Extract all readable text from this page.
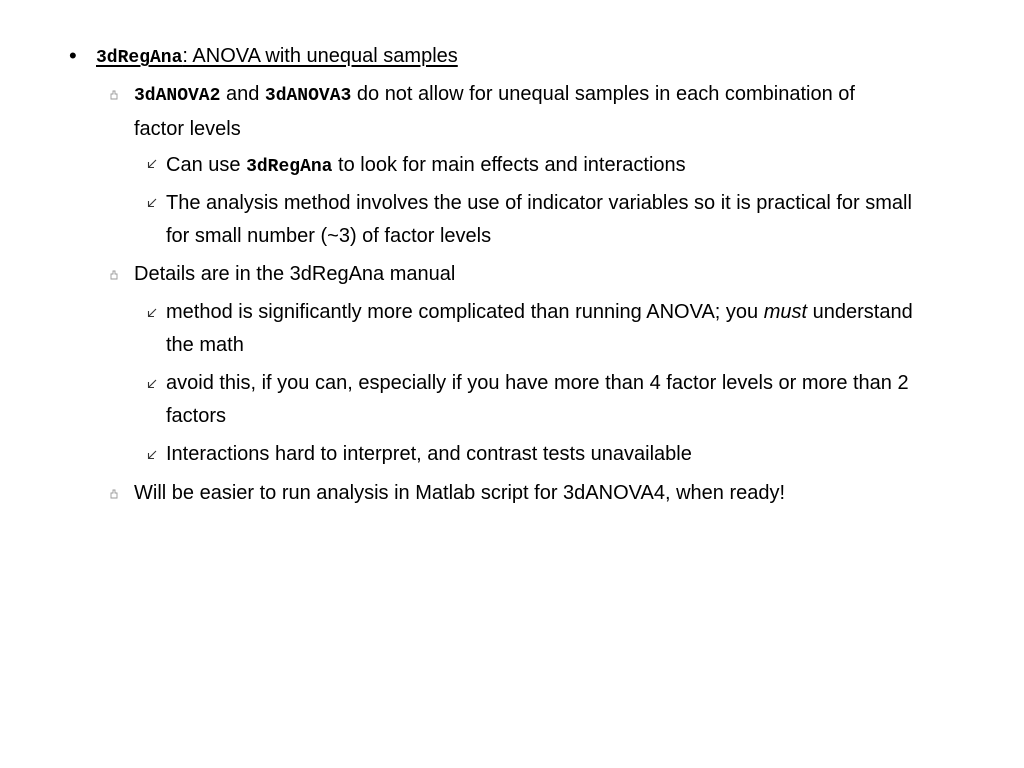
• 3dRegAna: ANOVA with unequal samples
3dANOVA2 and 3dANOVA3 do not allow for unequal samples in each combination of factor levels
Can use 3dRegAna to look for main effects and interactions
The analysis method involves the use of indicator variables so it is practical for small for small number (~3) of factor levels
Details are in the 3dRegAna manual
method is significantly more complicated than running ANOVA; you must understand the math
avoid this, if you can, especially if you have more than 4 factor levels or more than 2 factors
Interactions hard to interpret, and contrast tests unavailable
Will be easier to run analysis in Matlab script for 3dANOVA4, when ready!
